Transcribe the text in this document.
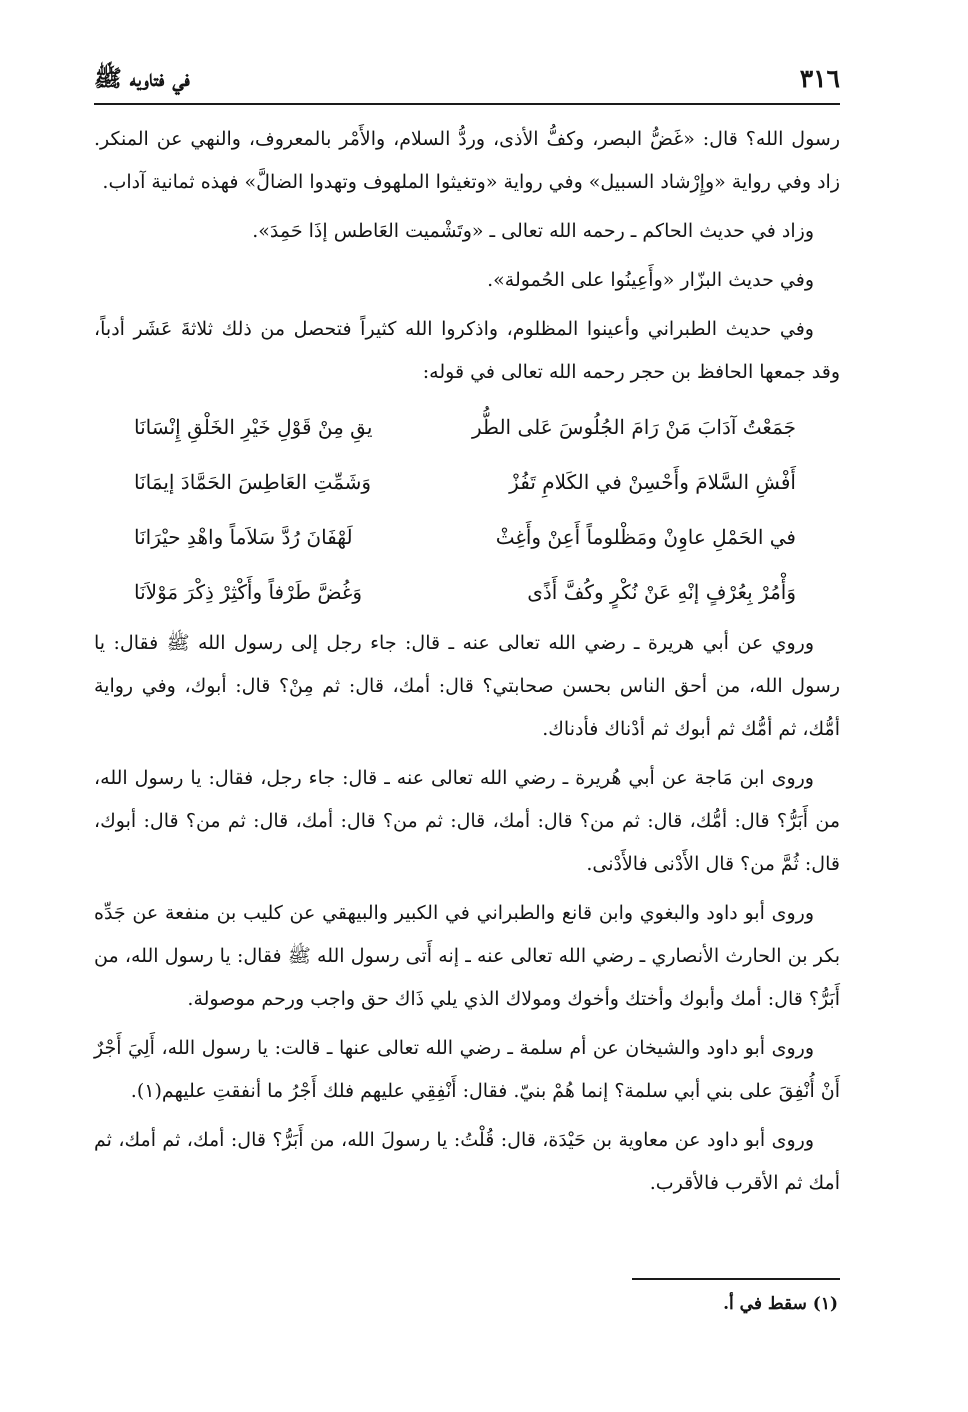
٣١٦
في فتاويه ﷺ

رسول الله؟ قال: «غَضُّ البصر، وكفُّ الأذى، وردُّ السلام، والأَمْر بالمعروف، والنهي عن المنكر. زاد وفي رواية «وإِرْشاد السبيل» وفي رواية «وتغيثوا الملهوف وتهدوا الضالَّ» فهذه ثمانية آداب.

وزاد في حديث الحاكم ـ رحمه الله تعالى ـ «وتَشْميت العَاطس إذَا حَمِدَ».

وفي حديث البزّار «وأَعِينُوا على الحُمولة».

وفي حديث الطبراني وأعينوا المظلوم، واذكروا الله كثيراً فتحصل من ذلك ثلاثةَ عَشَر أدباً، وقد جمعها الحافظ بن حجر رحمه الله تعالى في قوله:

جَمَعْتُ آدَابَ مَنْ رَامَ الجُلُوسَ عَلى الطُّر
يقِ مِنْ قَوْلِ خَيْرِ الخَلْقِ إِنْسَانَا
أَفْشِ السَّلامَ وأَحْسِنْ في الكَلامِ تَفُزْ
وَشَمِّتِ العَاطِسَ الحَمَّادَ إيمَانَا
في الحَمْلِ عاوِنْ ومَظْلوماً أَعِنْ وأَغِثْ
لَهْفَانَ رُدَّ سَلاَماً واهْدِ حيْرَانَا
وَأْمُرْ بِعُرْفٍ إنْهِ عَنْ نُكْرٍ وكُفَّ أَذًى
وَغُضَّ طَرْفاً وأَكْثِرْ ذِكْرَ مَوْلاَنَا

وروي عن أبي هريرة ـ رضي الله تعالى عنه ـ قال: جاء رجل إلى رسول الله ﷺ فقال: يا رسول الله، من أحق الناس بحسن صحابتي؟ قال: أمك، قال: ثم مِنْ؟ قال: أبوك، وفي رواية أمُّك، ثم أمُّك ثم أبوك ثم أدْناك فأدناك.

وروى ابن مَاجة عن أبي هُريرة ـ رضي الله تعالى عنه ـ قال: جاء رجل، فقال: يا رسول الله، من أَبَرُّ؟ قال: أمُّك، قال: ثم من؟ قال: أمك، قال: ثم من؟ قال: أمك، قال: ثم من؟ قال: أبوك، قال: ثُمَّ من؟ قال الأَدْنى فالأَدْنى.

وروى أبو داود والبغوي وابن قانع والطبراني في الكبير والبيهقي عن كليب بن منفعة عن جَدِّه بكر بن الحارث الأنصاري ـ رضي الله تعالى عنه ـ إنه أَتى رسول الله ﷺ فقال: يا رسول الله، من أَبَرُّ؟ قال: أمك وأبوك وأختك وأخوك ومولاك الذي يلي ذَاك حق واجب ورحم موصولة.

وروى أبو داود والشيخان عن أم سلمة ـ رضي الله تعالى عنها ـ قالت: يا رسول الله، أَلِيَ أَجْرٌ أَنْ أُنْفِقَ على بني أبي سلمة؟ إنما هُمْ بنيّ. فقال: أَنْفِقِي عليهم فلك أَجْرُ ما أنفقتِ عليهم(١).

وروى أبو داود عن معاوية بن حَيْدَة، قال: قُلْتُ: يا رسولَ الله، من أَبَرُّ؟ قال: أمك، ثم أمك، ثم أمك ثم الأقرب فالأقرب.

(١) سقط في أ.
